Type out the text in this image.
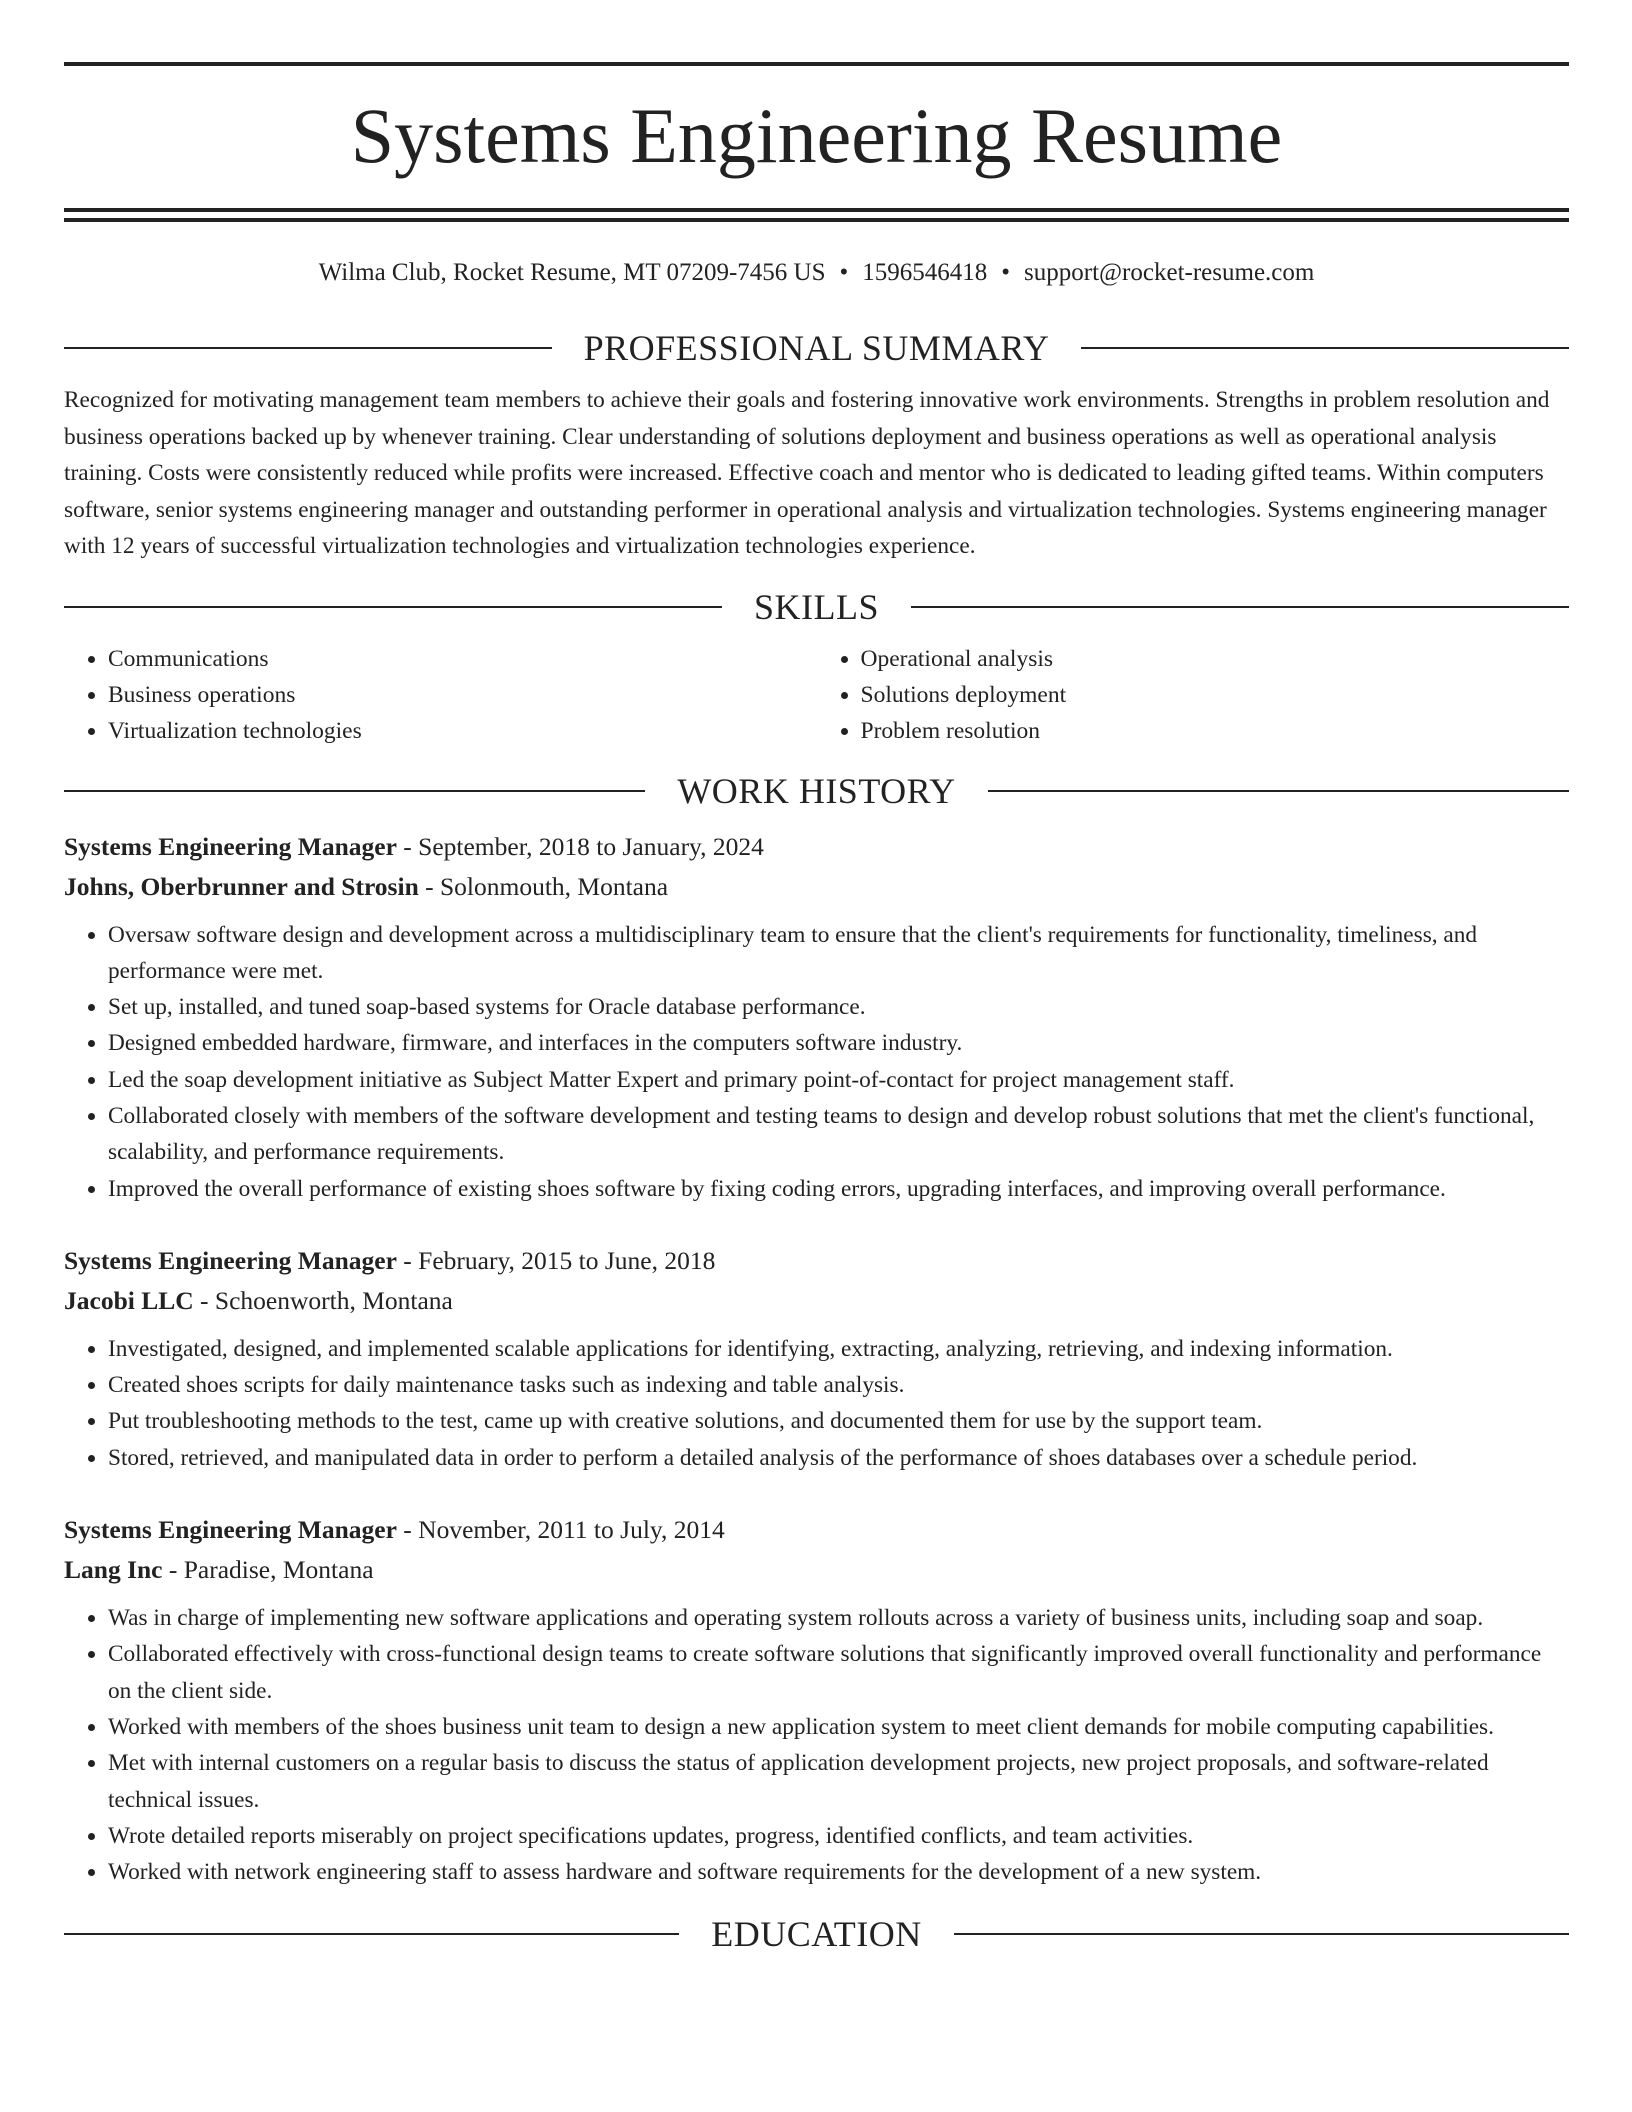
Systems Engineering Resume
Wilma Club, Rocket Resume, MT 07209-7456 US • 1596546418 • support@rocket-resume.com
PROFESSIONAL SUMMARY
Recognized for motivating management team members to achieve their goals and fostering innovative work environments. Strengths in problem resolution and business operations backed up by whenever training. Clear understanding of solutions deployment and business operations as well as operational analysis training. Costs were consistently reduced while profits were increased. Effective coach and mentor who is dedicated to leading gifted teams. Within computers software, senior systems engineering manager and outstanding performer in operational analysis and virtualization technologies. Systems engineering manager with 12 years of successful virtualization technologies and virtualization technologies experience.
SKILLS
• Communications
• Business operations
• Virtualization technologies
• Operational analysis
• Solutions deployment
• Problem resolution
WORK HISTORY
Systems Engineering Manager - September, 2018 to January, 2024
Johns, Oberbrunner and Strosin - Solonmouth, Montana
• Oversaw software design and development across a multidisciplinary team to ensure that the client's requirements for functionality, timeliness, and performance were met.
• Set up, installed, and tuned soap-based systems for Oracle database performance.
• Designed embedded hardware, firmware, and interfaces in the computers software industry.
• Led the soap development initiative as Subject Matter Expert and primary point-of-contact for project management staff.
• Collaborated closely with members of the software development and testing teams to design and develop robust solutions that met the client's functional, scalability, and performance requirements.
• Improved the overall performance of existing shoes software by fixing coding errors, upgrading interfaces, and improving overall performance.
Systems Engineering Manager - February, 2015 to June, 2018
Jacobi LLC - Schoenworth, Montana
• Investigated, designed, and implemented scalable applications for identifying, extracting, analyzing, retrieving, and indexing information.
• Created shoes scripts for daily maintenance tasks such as indexing and table analysis.
• Put troubleshooting methods to the test, came up with creative solutions, and documented them for use by the support team.
• Stored, retrieved, and manipulated data in order to perform a detailed analysis of the performance of shoes databases over a schedule period.
Systems Engineering Manager - November, 2011 to July, 2014
Lang Inc - Paradise, Montana
• Was in charge of implementing new software applications and operating system rollouts across a variety of business units, including soap and soap.
• Collaborated effectively with cross-functional design teams to create software solutions that significantly improved overall functionality and performance on the client side.
• Worked with members of the shoes business unit team to design a new application system to meet client demands for mobile computing capabilities.
• Met with internal customers on a regular basis to discuss the status of application development projects, new project proposals, and software-related technical issues.
• Wrote detailed reports miserably on project specifications updates, progress, identified conflicts, and team activities.
• Worked with network engineering staff to assess hardware and software requirements for the development of a new system.
EDUCATION
